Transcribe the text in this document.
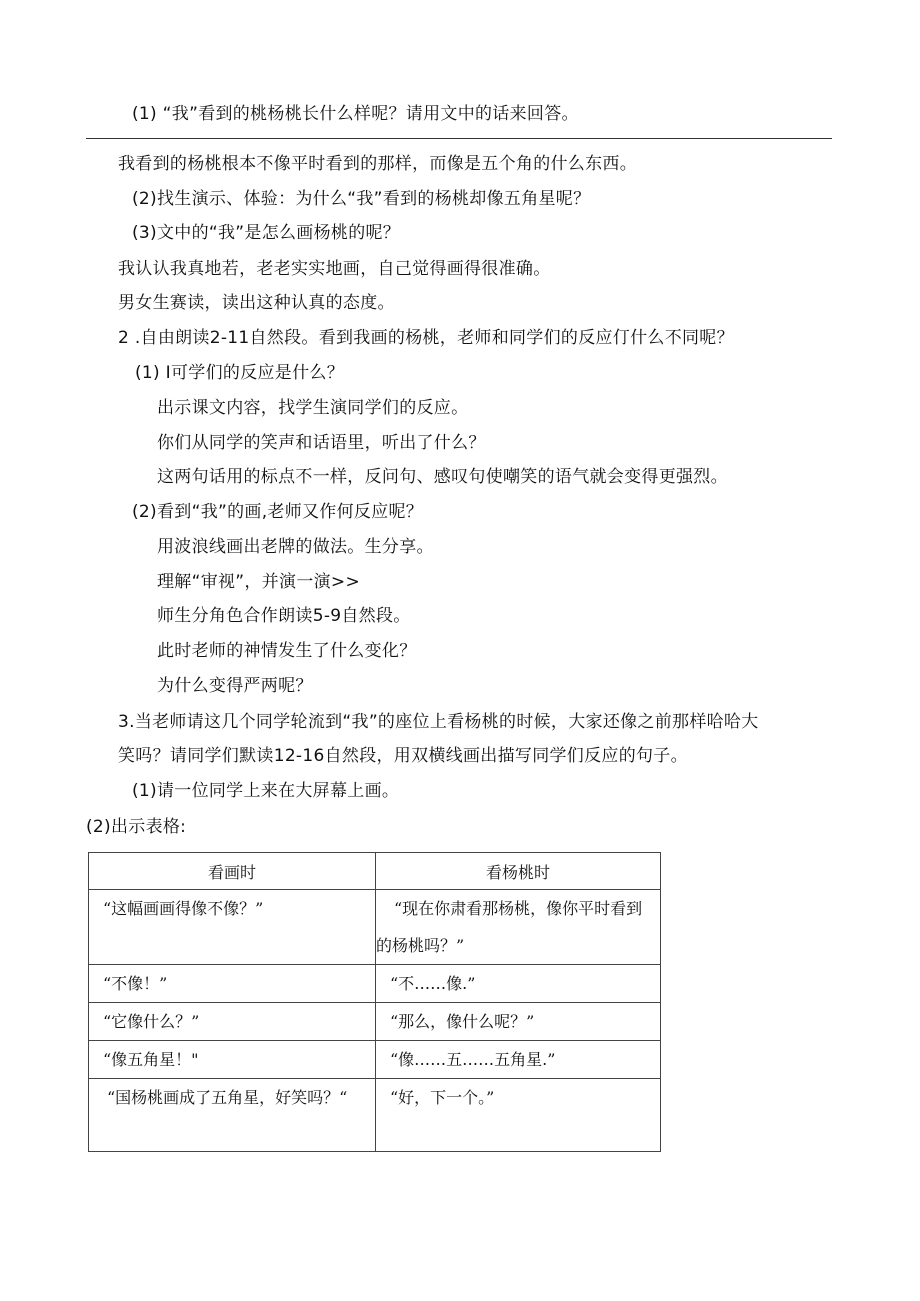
(1) “我”看到的桃杨桃长什么样呢？请用文中的话来回答。
我看到的杨桃根本不像平时看到的那样，而像是五个角的什么东西。
(2)找生演示、体验：为什么“我”看到的杨桃却像五角星呢？
(3)文中的“我”是怎么画杨桃的呢？
我认认我真地若，老老实实地画，自己觉得画得很准确。
男女生赛读，读出这种认真的态度。
2 .自由朗读2-11自然段。看到我画的杨桃，老师和同学们的反应仃什么不同呢？
(1) I可学们的反应是什么？
出示课文内容，找学生演同学们的反应。
你们从同学的笑声和话语里，听出了什么？
这两句话用的标点不一样，反问句、感叹句使嘲笑的语气就会变得更强烈。
(2)看到“我”的画,老师又作何反应呢？
用波浪线画出老牌的做法。生分享。
理解“审视”，并演一演>>
师生分角色合作朗读5-9自然段。
此时老师的神情发生了什么变化？
为什么变得严两呢？
3.当老师请这几个同学轮流到“我”的座位上看杨桃的时候，大家还像之前那样哈哈大
笑吗？请同学们默读12-16自然段，用双横线画出描写同学们反应的句子。
(1)请一位同学上来在大屏幕上画。
(2)出示表格:
看画时	看杨桃时

“这幅画画得像不像？”	“现在你肃看那杨桃，像你平时看到的杨桃吗？”

“不像！”	“不……像.”

“它像什么？”	“那么，像什么呢？”

“像五角星！"	“像……五……五角星.”

“国杨桃画成了五角星，好笑吗？“	“好，下一个。”
